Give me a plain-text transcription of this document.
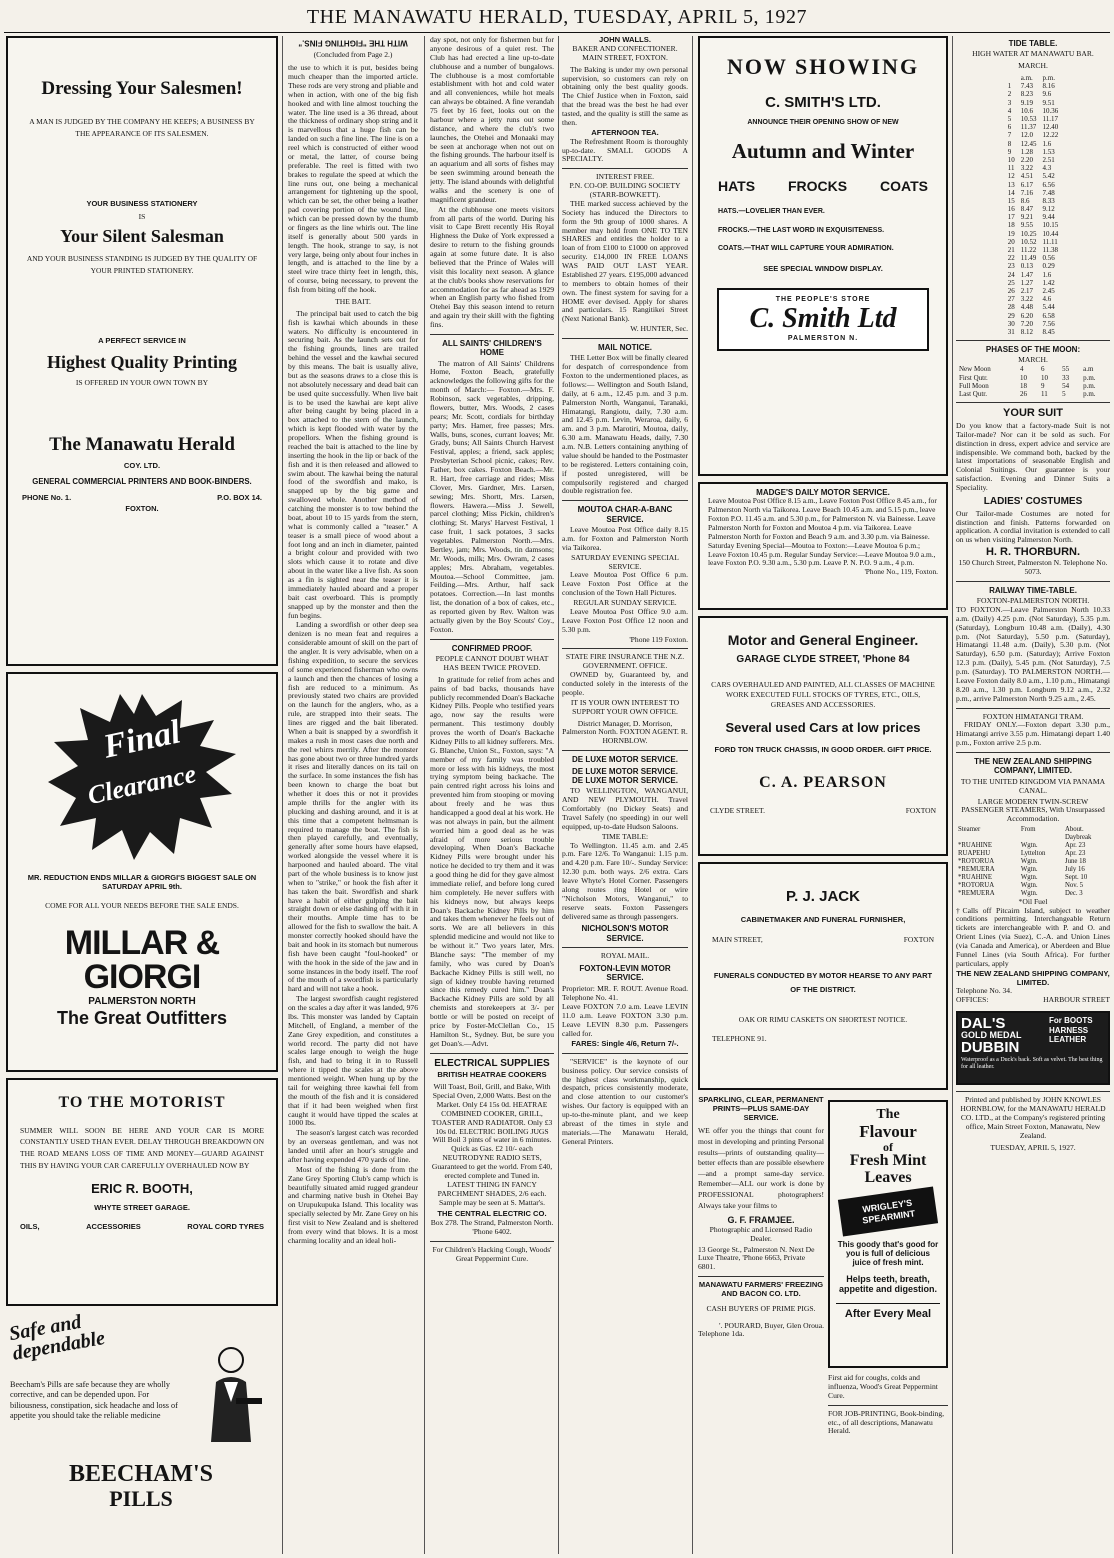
THE MANAWATU HERALD, TUESDAY, APRIL 5, 1927
Dressing Your Salesmen!
A MAN IS JUDGED BY THE COMPANY HE KEEPS; A BUSINESS BY THE APPEARANCE OF ITS SALESMEN.
YOUR BUSINESS STATIONERY
IS
Your Silent Salesman
AND YOUR BUSINESS STANDING IS JUDGED BY THE QUALITY OF YOUR PRINTED STATIONERY.
A PERFECT SERVICE IN
Highest Quality Printing
IS OFFERED IN YOUR OWN TOWN BY
The Manawatu Herald
COY. LTD.
GENERAL COMMERCIAL PRINTERS AND BOOK-BINDERS.
PHONE No. 1.	P.O. BOX 14.
FOXTON.
Final
Clearance
MR. REDUCTION ENDS MILLAR & GIORGI'S BIGGEST SALE ON SATURDAY APRIL 9th.
COME FOR ALL YOUR NEEDS BEFORE THE SALE ENDS.
MILLAR & GIORGI
PALMERSTON NORTH
The Great Outfitters
TO THE MOTORIST
SUMMER WILL SOON BE HERE AND YOUR CAR IS MORE CONSTANTLY USED THAN EVER. DELAY THROUGH BREAKDOWN ON THE ROAD MEANS LOSS OF TIME AND MONEY—GUARD AGAINST THIS BY HAVING YOUR CAR CAREFULLY OVERHAULED NOW BY
ERIC R. BOOTH,
WHYTE STREET GARAGE.
OILS,	ACCESSORIES	ROYAL CORD TYRES
Safe and dependable
Beecham's Pills are safe because they are wholly corrective, and can be depended upon. For biliousness, constipation, sick headache and loss of appetite you should take the reliable medicine
BEECHAM'S
PILLS
WITH THE "FIGHTING FINS."
(Concluded from Page 2.)

the use to which it is put, besides being much cheaper than the imported article. These rods are very strong and pliable and when in action, with one of the big fish hooked and with line almost touching the water. The line used is a 36 thread, about the thickness of ordinary shop string and it is marvellous that a huge fish can be landed on such a fine line. The line is on a reel which is constructed of either wood or metal, the latter, of course being preferable. The reel is fitted with two brakes to regulate the speed at which the line runs out, one being a mechanical arrangement for tightening up the spool, which can be set, the other being a leather pad covering portion of the wound line, which can be pressed down by the thumb or fingers as the line whirls out. The line itself is generally about 500 yards in length. The hook, strange to say, is not very large, being only about four inches in length, and is attached to the line by a steel wire trace thirty feet in length, this, of course, being necessary, to prevent the fish from biting off the hook.

THE BAIT.

The principal bait used to catch the big fish is kawhai which abounds in these waters. No difficulty is encountered in securing bait. As the launch sets out for the fishing grounds, lines are trailed behind the vessel and the kawhai secured by this means. The bait is usually alive, but as the seasons draws to a close this is not absolutely necessary and dead bait can be used quite successfully. When live bait is to be used the kawhai are kept alive after being caught by being placed in a box attached to the stern of the launch, which is kept flooded with water by the propellors. When the fishing ground is reached the bait is attached to the line by inserting the hook in the lip or back of the fish and it is then released and allowed to swim about. The kawhai being the natural food of the swordfish and mako, is snapped up by the big game and swallowed whole. Another method of catching the monster is to tow behind the boat, about 10 to 15 yards from the stern, what is commonly called a "teaser." A teaser is a small piece of wood about a foot long and an inch in diameter, painted a bright colour and provided with two slots which cause it to rotate and dive about in the water like a live fish. As soon as a fin is sighted near the teaser it is immediately hauled aboard and a proper bait cast overboard. This is promptly snapped up by the monster and then the fun begins.

Landing a swordfish or other deep sea denizen is no mean feat and requires a considerable amount of skill on the part of the angler. It is very advisable, when on a fishing expedition, to secure the services of some experienced fisherman who owns a launch and then the chances of losing a fish are reduced to a minimum. As previously stated two chairs are provided on the launch for the anglers, who, as a rule, are strapped into their seats. The lines are rigged and the bait liberated. When a bait is snapped by a swordfish it makes a rush in most cases due north and the reel whirrs merrily. After the monster has gone about two or three hundred yards it rises and literally dances on its tail on the surface. In some instances the fish has been known to charge the boat but whether it does this or not it provides ample thrills for the angler with its plucking and dashing around, and it is at this time that a competent helmsman is required to manage the boat. The fish is then played carefully, and eventually, generally after some hours have elapsed, worked alongside the vessel where it is harpooned and hauled aboard. The vital part of the whole business is to know just when to "strike," or hook the fish after it has taken the bait. Swordfish and shark have a habit of either gulping the bait straight down or else dashing off with it in their mouths. Ample time has to be allowed for the fish to swallow the bait. A monster correctly hooked should have the bait and hook in its stomach but numerous fish have been caught "foul-hooked" or with the hook in the side of the jaw and in some instances in the body itself. The roof of the mouth of a swordfish is particularly hard and will not take a hook.

The largest swordfish caught registered on the scales a day after it was landed, 976 lbs. This monster was landed by Captain Mitchell, of England, a member of the Zane Grey expedition, and constitutes a world record. The party did not have scales large enough to weigh the huge fish, and had to bring it in to Russell where it tipped the scales at the above mentioned weight. When hung up by the tail for weighing three kawhai fell from the mouth of the fish and it is considered that if it had been weighed when first caught it would have tipped the scales at 1000 lbs.

The season's largest catch was recorded by an overseas gentleman, and was not landed until after an hour's struggle and after having expended 470 yards of line.

Most of the fishing is done from the Zane Grey Sporting Club's camp which is beautifully situated amid rugged grandeur and charming native bush in Otehei Bay on Urupukupuka Island. This locality was specially selected by Mr. Zane Grey on his first visit to New Zealand and is sheltered from every wind that blows. It is a most charming locality and an ideal holi-

day spot, not only for fishermen but for anyone desirous of a quiet rest. The Club has had erected a line up-to-date clubhouse and a number of bungalows. The clubhouse is a most comfortable establishment with hot and cold water and all conveniences, while hot meals can always be obtained. A fine verandah 75 feet by 16 feet, looks out on the harbour where a jetty runs out some distance, and where the club's two launches, the Otehei and Monaaki may be seen at anchorage when not out on the fishing grounds. The harbour itself is an aquarium and all sorts of fishes may be seen swimming around beneath the jetty. The island abounds with delightful walks and the scenery is one of magnificent grandeur.

At the clubhouse one meets visitors from all parts of the world. During his visit to Cape Brett recently His Royal Highness the Duke of York expressed a desire to return to the fishing grounds again at some future date. It is also believed that the Prince of Wales will visit this locality next season. A glance at the club's books show reservations for accommodation for as far ahead as 1929 when an English party who fished from Otehei Bay this season intend to return and again try their skill with the fighting fins.

ALL SAINTS' CHILDREN'S HOME

The matron of All Saints' Childrens Home, Foxton Beach, gratefully acknowledges the following gifts for the month of March:— Foxton.—Mrs. F. Robinson, sack vegetables, dripping, flowers, butter, Mrs. Woods, 2 cases pears; Mr. Scott, cordials for birthday party; Mrs. Hamer, free passes; Mrs. Walls, buns, scones, currant loaves; Mr. Grady, buns; All Saints Church Harvest Festival, apples; a friend, sack apples; Presbyterian School picnic, cakes; Rev. Father, box cakes. Foxton Beach.—Mr. R. Hart, free carriage and rides; Miss Clover, Mrs. Gardner, Mrs. Larsen, sewing; Mrs. Shortt, Mrs. Larsen, flowers. Hawera.—Miss J. Sewell, parcel clothing; Miss Pickin, children's clothing; St. Marys' Harvest Festival, 1 case fruit, 1 sack potatoes, 3 sacks vegetables. Palmerston North.—Mrs. Bertley, jam; Mrs. Woods, tin damsons; Mr. Woods, milk; Mrs. Owram, 2 cases apples; Mrs. Abraham, vegetables. Moutoa.—School Committee, jam. Feilding.—Mrs. Arthur, half sack potatoes. Correction.—In last months list, the donation of a box of cakes, etc., as reported given by Rev. Walton was actually given by the Boy Scouts' Coy., Foxton.

CONFIRMED PROOF.
PEOPLE CANNOT DOUBT WHAT HAS BEEN TWICE PROVED.

In gratitude for relief from aches and pains of bad backs, thousands have publicly recommended Doan's Backache Kidney Pills. People who testified years ago, now say the results were permanent. This testimony doubly proves the worth of Doan's Backache Kidney Pills to all kidney sufferers. Mrs. G. Blanche, Union St., Foxton, says: "A member of my family was troubled more or less with his kidneys, the most trying symptom being backache. The pain centred right across his loins and prevented him from stooping or moving about freely and he was thus handicapped a good deal at his work. He was not always in pain, but the ailment worried him a good deal as he was afraid of more serious trouble developing. When Doan's Backache Kidney Pills were brought under his notice he decided to try them and it was a good thing he did for they gave almost immediate relief, and before long cured him completely. He never suffers with his kidneys now, but always keeps Doan's Backache Kidney Pills by him and takes them whenever he feels out of sorts. We are all believers in this splendid medicine and would not like to be without it." Two years later, Mrs. Blanche says: "The member of my family, who was cured by Doan's Backache Kidney Pills is still well, no sign of kidney trouble having returned since this remedy cured him." Doan's Backache Kidney Pills are sold by all chemists and storekeepers at 3/- per bottle or will be posted on receipt of price by Foster-McClellan Co., 15 Hamilton St., Sydney. But, be sure you get Doan's.—Advt.

ELECTRICAL SUPPLIES
BRITISH HEATRAE COOKERS
Will Toast, Boil, Grill, and Bake, With Special Oven, 2,000 Watts. Best on the Market. Only £4 15s 0d. HEATRAE COMBINED COOKER, GRILL, TOASTER AND RADIATOR. Only £3 10s 0d. ELECTRIC BOILING JUGS Will Boil 3 pints of water in 6 minutes. Quick as Gas. £2 10/- each NEUTRODYNE RADIO SETS, Guaranteed to get the world. From £40, erected complete and Tuned in. LATEST THING IN FANCY PARCHMENT SHADES, 2/6 each. Sample may be seen at S. Mattar's.
THE CENTRAL ELECTRIC CO.
Box 278. The Strand, Palmerston North. 'Phone 6402.
For Children's Hacking Cough, Woods' Great Peppermint Cure.
JOHN WALLS.
BAKER AND CONFECTIONER.
MAIN STREET, FOXTON.

The Baking is under my own personal supervision, so customers can rely on obtaining only the best quality goods. The Chief Justice when in Foxton, said that the bread was the best he had ever tasted, and the quality is still the same as then.

AFTERNOON TEA.

The Refreshment Room is thoroughly up-to-date. SMALL GOODS A SPECIALTY.

INTEREST FREE.
P.N. CO-OP. BUILDING SOCIETY (STARR-BOWKETT).

THE marked success achieved by the Society has induced the Directors to form the 9th group of 1000 shares. A member may hold from ONE TO TEN SHARES and entitles the holder to a loan of from £100 to £1000 on approved security. £14,000 IN FREE LOANS WAS PAID OUT LAST YEAR. Established 27 years. £195,000 advanced to members to obtain homes of their own. The finest system for saving for a HOME ever devised. Apply for shares and particulars. 15 Rangitikei Street (Next National Bank).

W. HUNTER, Sec.
MAIL NOTICE.

THE Letter Box will be finally cleared for despatch of correspondence from Foxton to the undermentioned places, as follows:— Wellington and South Island, daily, at 6 a.m., 12.45 p.m. and 3 p.m. Palmerston North, Wanganui, Taranaki, Himatangi, Rangiotu, daily, 7.30 a.m. and 12.45 p.m. Levin, Weraroa, daily, 6 am. and 3 p.m. Marotiri, Moutoa, daily, 6.30 a.m. Manawatu Heads, daily, 7.30 a.m. N.B. Letters containing anything of value should be handed to the Postmaster to be registered. Letters containing coin, if posted unregistered, will be compulsorily registered and charged double registration fee.

MOUTOA CHAR-A-BANC SERVICE.

Leave Moutoa Post Office daily 8.15 a.m. for Foxton and Palmerston North via Taikorea.

SATURDAY EVENING SPECIAL SERVICE.

Leave Moutoa Post Office 6 p.m. Leave Foxton Post Office at the conclusion of the Town Hall Pictures.

REGULAR SUNDAY SERVICE.

Leave Moutoa Post Office 9.0 a.m. Leave Foxton Post Office 12 noon and 5.30 p.m.

'Phone 119 Foxton.
STATE FIRE INSURANCE THE N.Z. GOVERNMENT. OFFICE.

OWNED by, Guaranteed by, and conducted solely in the interests of the people.

IT IS YOUR OWN INTEREST TO SUPPORT YOUR OWN OFFICE.
District Manager, D. Morrison, Palmerston North. FOXTON AGENT. R. HORNBLOW.
DE LUXE MOTOR SERVICE.
DE LUXE MOTOR SERVICE.
DE LUXE MOTOR SERVICE.

TO WELLINGTON, WANGANUI, AND NEW PLYMOUTH. Travel Comfortably (no Dickey Seats) and Travel Safely (no speeding) in our well equipped, up-to-date Hudson Saloons.

TIME TABLE:

To Wellington. 11.45 a.m. and 2.45 p.m. Fare 12/6. To Wanganui: 1.15 p.m. and 4.20 p.m. Fare 10/-. Sunday Service: 12.30 p.m. both ways. 2/6 extra. Cars leave Whyte's Hotel Corner. Passengers along routes ring Hotel or wire "Nicholson Motors, Wanganui," to reserve seats. Foxton Passengers delivered same as through passengers.

NICHOLSON'S MOTOR SERVICE.
ROYAL MAIL.
FOXTON-LEVIN MOTOR SERVICE.

Proprietor: MR. F. ROUT. Avenue Road. Telephone No. 41.

Leave FOXTON 7.0 a.m. Leave LEVIN 11.0 a.m. Leave FOXTON 3.30 p.m. Leave LEVIN 8.30 p.m. Passengers called for.

FARES: Single 4/6, Return 7/-.

"SERVICE" is the keynote of our business policy. Our service consists of the highest class workmanship, quick despatch, prices consistently moderate, and close attention to our customer's wishes. Our factory is equipped with an up-to-the-minute plant, and we keep abreast of the times in style and materials.—The Manawatu Herald, General Printers.

NOW SHOWING
C. SMITH'S LTD.
ANNOUNCE THEIR OPENING SHOW OF NEW
Autumn and Winter
HATS FROCKS COATS
HATS.—LOVELIER THAN EVER.
FROCKS.—THE LAST WORD IN EXQUISITENESS.
COATS.—THAT WILL CAPTURE YOUR ADMIRATION.
SEE SPECIAL WINDOW DISPLAY.
THE PEOPLE'S STORE
C. Smith Ltd
PALMERSTON N.
MADGE'S DAILY MOTOR SERVICE.
Leave Moutoa Post Office 8.15 a.m., Leave Foxton Post Office 8.45 a.m., for Palmerston North via Taikorea. Leave Beach 10.45 a.m. and 5.15 p.m., leave Foxton P.O. 11.45 a.m. and 5.30 p.m., for Palmerston N. via Bainesse. Leave Palmerston North for Foxton and Moutoa 4 p.m. via Taikorea. Leave Palmerston North for Foxton and Beach 9 a.m. and 3.30 p.m. via Bainesse. Saturday Evening Special—Moutoa to Foxton:—Leave Moutoa 6 p.m.; Leave Foxton 10.45 p.m. Regular Sunday Service:—Leave Moutoa 9.0 a.m., leave Foxton P.O. 9.30 a.m., 5.30 p.m. Leave P. N. P.O. 9 a.m., 4 p.m.
'Phone No., 119, Foxton.
Motor and General Engineer.
GARAGE CLYDE STREET, 'Phone 84
CARS OVERHAULED AND PAINTED, ALL CLASSES OF MACHINE WORK EXECUTED FULL STOCKS OF TYRES, ETC., OILS, GREASES AND ACCESSORIES.
Several used Cars at low prices
FORD TON TRUCK CHASSIS, IN GOOD ORDER. GIFT PRICE.
C. A. PEARSON
CLYDE STREET.	FOXTON
P. J. JACK
CABINETMAKER AND FUNERAL FURNISHER,
MAIN STREET,	FOXTON
FUNERALS CONDUCTED BY MOTOR HEARSE TO ANY PART OF THE DISTRICT.
OAK OR RIMU CASKETS ON SHORTEST NOTICE.
TELEPHONE 91.
SPARKLING, CLEAR, PERMANENT PRINTS—PLUS SAME-DAY SERVICE.
WE offer you the things that count for most in developing and printing Personal results—prints of outstanding quality—better effects than are possible elsewhere—and a prompt same-day service. Remember—ALL our work is done by PROFESSIONAL photographers! Always take your films to
G. F. FRAMJEE.
Photographic and Licensed Radio Dealer.
13 George St., Palmerston N. Next De Luxe Theatre, 'Phone 6663, Private 6801.
MANAWATU FARMERS' FREEZING AND BACON CO. LTD.
CASH BUYERS OF PRIME PIGS.
'. POURARD, Buyer, Glen Oroua.
Telephone 1da.
The
Flavour
of
Fresh Mint
Leaves
WRIGLEY'S SPEARMINT
This goody that's good for you is full of delicious juice of fresh mint.
Helps teeth, breath, appetite and digestion.
After Every Meal
First aid for coughs, colds and influenza, Wood's Great Peppermint Cure.
FOR JOB-PRINTING, Book-binding, etc., of all descriptions, Manawatu Herald.
TIDE TABLE.
HIGH WATER AT MANAWATU BAR.
MARCH.
	a.m.	p.m.
1	7.43	8.16
2	8.23	9.6
3	9.19	9.51
4	10.6	10.36
5	10.53	11.17
6	11.37	12.40
7	12.0	12.22
8	12.45	1.6
9	1.28	1.53
10	2.20	2.51
11	3.22	4.3
12	4.51	5.42
13	6.17	6.56
14	7.16	7.48
15	8.6	8.33
16	8.47	9.12
17	9.21	9.44
18	9.55	10.15
19	10.25	10.44
20	10.52	11.11
21	11.22	11.38
22	11.49	0.56
23	0.13	0.29
24	1.47	1.6
25	1.27	1.42
26	2.17	2.45
27	3.22	4.6
28	4.48	5.44
29	6.20	6.58
30	7.20	7.56
31	8.12	8.45
PHASES OF THE MOON:
MARCH.
New Moon	4	6	55	a.m
First Qutr.	10	10	33	p.m.
Full Moon	18	9	54	p.m.
Last Qutr.	26	11	5	p.m.
YOUR SUIT

Do you know that a factory-made Suit is not Tailor-made? Nor can it be sold as such. For distinction in dress, expert advice and service are indispensible. We command both, backed by the latest importations of seasonable English and Colonial Suitings. Our guarantee is your satisfaction. Evening and Dinner Suits a Speciality.

LADIES' COSTUMES

Our Tailor-made Costumes are noted for distinction and finish. Patterns forwarded on application. A cordial invitation is extended to call on us when visiting Palmerston North.

H. R. THORBURN.
150 Church Street, Palmerston N. Telephone No. 5073.
RAILWAY TIME-TABLE.
FOXTON-PALMERSTON NORTH.

TO FOXTON.—Leave Palmerston North 10.33 a.m. (Daily) 4.25 p.m. (Not Saturday), 5.35 p.m. (Saturday), Longburn 10.48 a.m. (Daily), 4.30 p.m. (Not Saturday), 5.50 p.m. (Saturday), Himatangi 11.48 a.m. (Daily), 5.30 p.m. (Not Saturday), 6.50 p.m. (Saturday); Arrive Foxton 12.3 p.m. (Daily), 5.45 p.m. (Not Saturday), 7.5 p.m. (Saturday). TO PALMERSTON NORTH.—Leave Foxton daily 8.0 a.m., 1.10 p.m., Himatangi 8.20 a.m., 1.30 p.m. Longburn 9.12 a.m., 2.32 p.m., arrive Palmerston North 9.25 a.m., 2.45.

FOXTON HIMATANGI TRAM.

FRIDAY ONLY.—Foxton depart 3.30 p.m., Himatangi arrive 3.55 p.m. Himatangi depart 1.40 p.m., Foxton arrive 2.5 p.m.

THE NEW ZEALAND SHIPPING COMPANY, LIMITED.
TO THE UNITED KINGDOM VIA PANAMA CANAL.
LARGE MODERN TWIN-SCREW PASSENGER STEAMERS, With Unsurpassed Accommodation.
Steamer	From	About.
		Daybreak
*RUAHINE	Wgtn.	Apr. 23
RUAPEHU	Lyttelton	Apr. 23
*ROTORUA	Wgtn.	June 18
*REMUERA	Wgtn.	July 16
*RUAHINE	Wgtn.	Sept. 10
*ROTORUA	Wgtn.	Nov. 5
*REMUERA	Wgtn.	Dec. 3
*Oil Fuel

†Calls off Pitcairn Island, subject to weather conditions permitting. Interchangeable Return tickets are interchangeable with P. and O. and Orient Lines (via Suez), C.-A. and Union Lines (via Canada and America), or Aberdeen and Blue Funnel Lines (via South Africa). For further particulars, apply

THE NEW ZEALAND SHIPPING COMPANY, LIMITED.
Telephone No. 34.
OFFICES:	HARBOUR STREET
DAL'S
GOLD MEDAL
DUBBIN
For BOOTS HARNESS LEATHER
Waterproof as a Duck's back. Soft as velvet. The best thing for all leather.

Printed and published by JOHN KNOWLES HORNBLOW, for the MANAWATU HERALD CO. LTD., at the Company's registered printing office, Main Street Foxton, Manawatu, New Zealand.

TUESDAY, APRIL 5, 1927.
